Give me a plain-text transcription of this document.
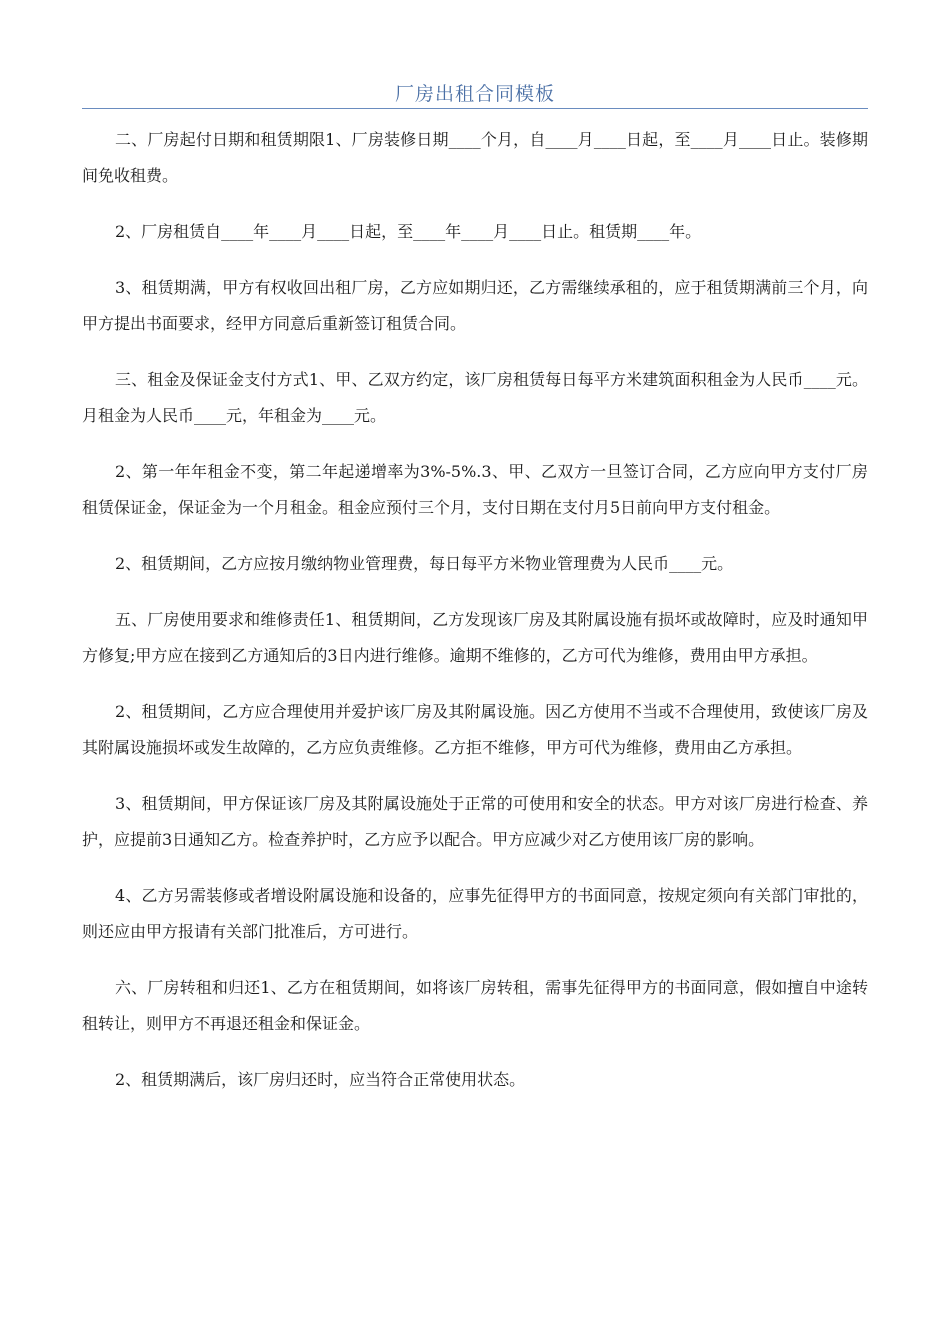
厂房出租合同模板

二、厂房起付日期和租赁期限1、厂房装修日期____个月，自____月____日起，至____月____日止。装修期间免收租费。

2、厂房租赁自____年____月____日起，至____年____月____日止。租赁期____年。

3、租赁期满，甲方有权收回出租厂房，乙方应如期归还，乙方需继续承租的，应于租赁期满前三个月，向甲方提出书面要求，经甲方同意后重新签订租赁合同。

三、租金及保证金支付方式1、甲、乙双方约定，该厂房租赁每日每平方米建筑面积租金为人民币____元。月租金为人民币____元，年租金为____元。

2、第一年年租金不变，第二年起递增率为3%-5%.3、甲、乙双方一旦签订合同，乙方应向甲方支付厂房租赁保证金，保证金为一个月租金。租金应预付三个月，支付日期在支付月5日前向甲方支付租金。

2、租赁期间，乙方应按月缴纳物业管理费，每日每平方米物业管理费为人民币____元。

五、厂房使用要求和维修责任1、租赁期间，乙方发现该厂房及其附属设施有损坏或故障时，应及时通知甲方修复;甲方应在接到乙方通知后的3日内进行维修。逾期不维修的，乙方可代为维修，费用由甲方承担。

2、租赁期间，乙方应合理使用并爱护该厂房及其附属设施。因乙方使用不当或不合理使用，致使该厂房及其附属设施损坏或发生故障的，乙方应负责维修。乙方拒不维修，甲方可代为维修，费用由乙方承担。

3、租赁期间，甲方保证该厂房及其附属设施处于正常的可使用和安全的状态。甲方对该厂房进行检查、养护，应提前3日通知乙方。检查养护时，乙方应予以配合。甲方应减少对乙方使用该厂房的影响。

4、乙方另需装修或者增设附属设施和设备的，应事先征得甲方的书面同意，按规定须向有关部门审批的，则还应由甲方报请有关部门批准后，方可进行。

六、厂房转租和归还1、乙方在租赁期间，如将该厂房转租，需事先征得甲方的书面同意，假如擅自中途转租转让，则甲方不再退还租金和保证金。

2、租赁期满后，该厂房归还时，应当符合正常使用状态。
